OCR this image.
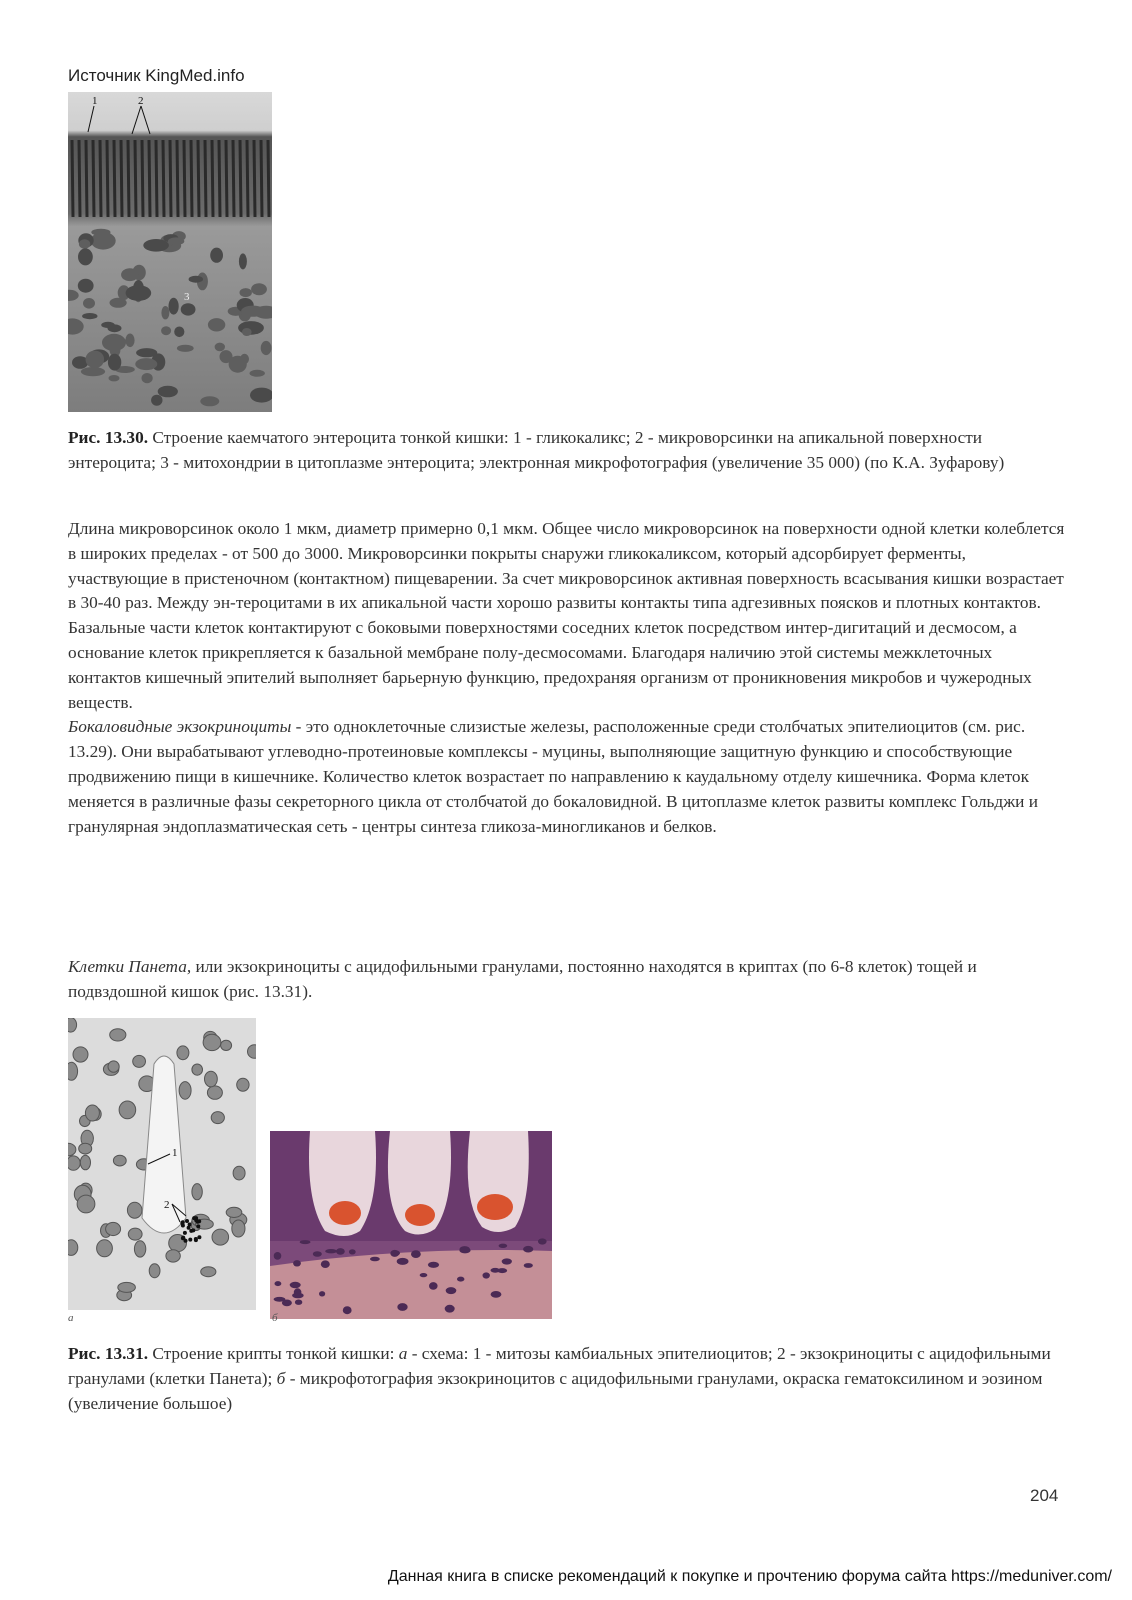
Источник KingMed.info
1	2
3
Рис. 13.30. Строение каемчатого энтероцита тонкой кишки: 1 - гликокаликс; 2 - микроворсинки на апикальной поверхности энтероцита; 3 - митохондрии в цитоплазме энтероцита; электронная микрофотография (увеличение 35 000) (по К.А. Зуфарову)

Длина микроворсинок около 1 мкм, диаметр примерно 0,1 мкм. Общее число микроворсинок на поверхности одной клетки колеблется в широких пределах - от 500 до 3000. Микроворсинки покрыты снаружи гликокаликсом, который адсорбирует ферменты, участвующие в пристеночном (контактном) пищеварении. За счет микроворсинок активная поверхность всасывания кишки возрастает в 30-40 раз. Между эн-тероцитами в их апикальной части хорошо развиты контакты типа адгезивных поясков и плотных контактов. Базальные части клеток контактируют с боковыми поверхностями соседних клеток посредством интер-дигитаций и десмосом, а основание клеток прикрепляется к базальной мембране полу-десмосомами. Благодаря наличию этой системы межклеточных контактов кишечный эпителий выполняет барьерную функцию, предохраняя организм от проникновения микробов и чужеродных веществ.

Бокаловидные экзокриноциты - это одноклеточные слизистые железы, расположенные среди столбчатых эпителиоцитов (см. рис. 13.29). Они вырабатывают углеводно-протеиновые комплексы - муцины, выполняющие защитную функцию и способствующие продвижению пищи в кишечнике. Количество клеток возрастает по направлению к каудальному отделу кишечника. Форма клеток меняется в различные фазы секреторного цикла от столбчатой до бокаловидной. В цитоплазме клеток развиты комплекс Гольджи и гранулярная эндоплазматическая сеть - центры синтеза гликоза-миногликанов и белков.

Клетки Панета, или экзокриноциты с ацидофильными гранулами, постоянно находятся в криптах (по 6-8 клеток) тощей и подвздошной кишок (рис. 13.31).

1
2
а	б
Рис. 13.31. Строение крипты тонкой кишки: а - схема: 1 - митозы камбиальных эпителиоцитов; 2 - экзокриноциты с ацидофильными гранулами (клетки Панета); б - микрофотография экзокриноцитов с ацидофильными гранулами, окраска гематоксилином и эозином (увеличение большое)
204
Данная книга в списке рекомендаций к покупке и прочтению форума сайта https://meduniver.com/
